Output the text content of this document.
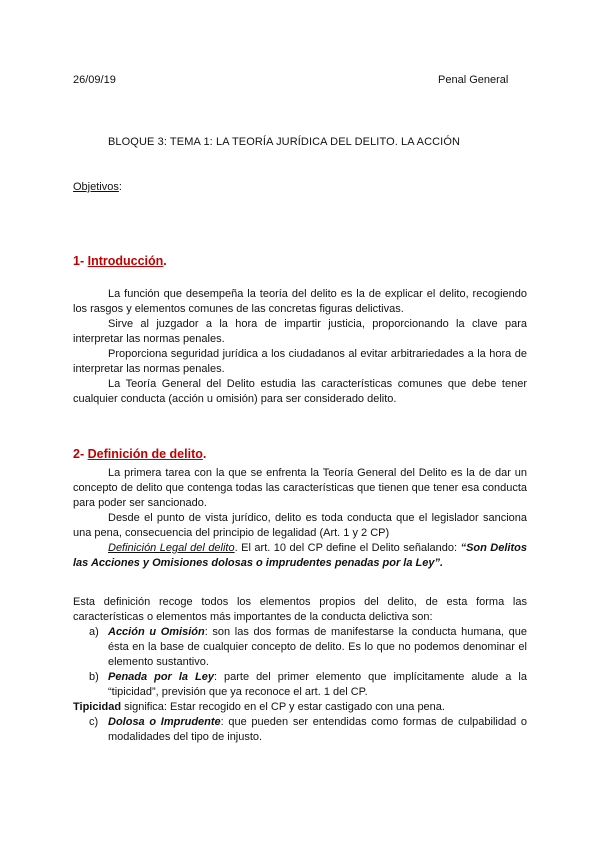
26/09/19	Penal General
BLOQUE 3: TEMA 1: LA TEORÍA JURÍDICA DEL DELITO. LA ACCIÓN
Objetivos:
1- Introducción.

La función que desempeña la teoría del delito es la de explicar el delito, recogiendo los rasgos y elementos comunes de las concretas figuras delictivas.

Sirve al juzgador a la hora de impartir justicia, proporcionando la clave para interpretar las normas penales.

Proporciona seguridad jurídica a los ciudadanos al evitar arbitrariedades a la hora de interpretar las normas penales.

La Teoría General del Delito estudia las características comunes que debe tener cualquier conducta (acción u omisión) para ser considerado delito.

2- Definición de delito.

La primera tarea con la que se enfrenta la Teoría General del Delito es la de dar un concepto de delito que contenga todas las características que tienen que tener esa conducta para poder ser sancionado.

Desde el punto de vista jurídico, delito es toda conducta que el legislador sanciona una pena, consecuencia del principio de legalidad (Art. 1 y 2 CP)

Definición Legal del delito. El art. 10 del CP define el Delito señalando: “Son Delitos las Acciones y Omisiones dolosas o imprudentes penadas por la Ley”.

Esta definición recoge todos los elementos propios del delito, de esta forma las características o elementos más importantes de la conducta delictiva son:

a) Acción u Omisión: son las dos formas de manifestarse la conducta humana, que ésta en la base de cualquier concepto de delito. Es lo que no podemos denominar el elemento sustantivo.
b) Penada por la Ley: parte del primer elemento que implícitamente alude a la “tipicidad”, previsión que ya reconoce el art. 1 del CP.

Tipicidad significa: Estar recogido en el CP y estar castigado con una pena.

c) Dolosa o Imprudente: que pueden ser entendidas como formas de culpabilidad o modalidades del tipo de injusto.
